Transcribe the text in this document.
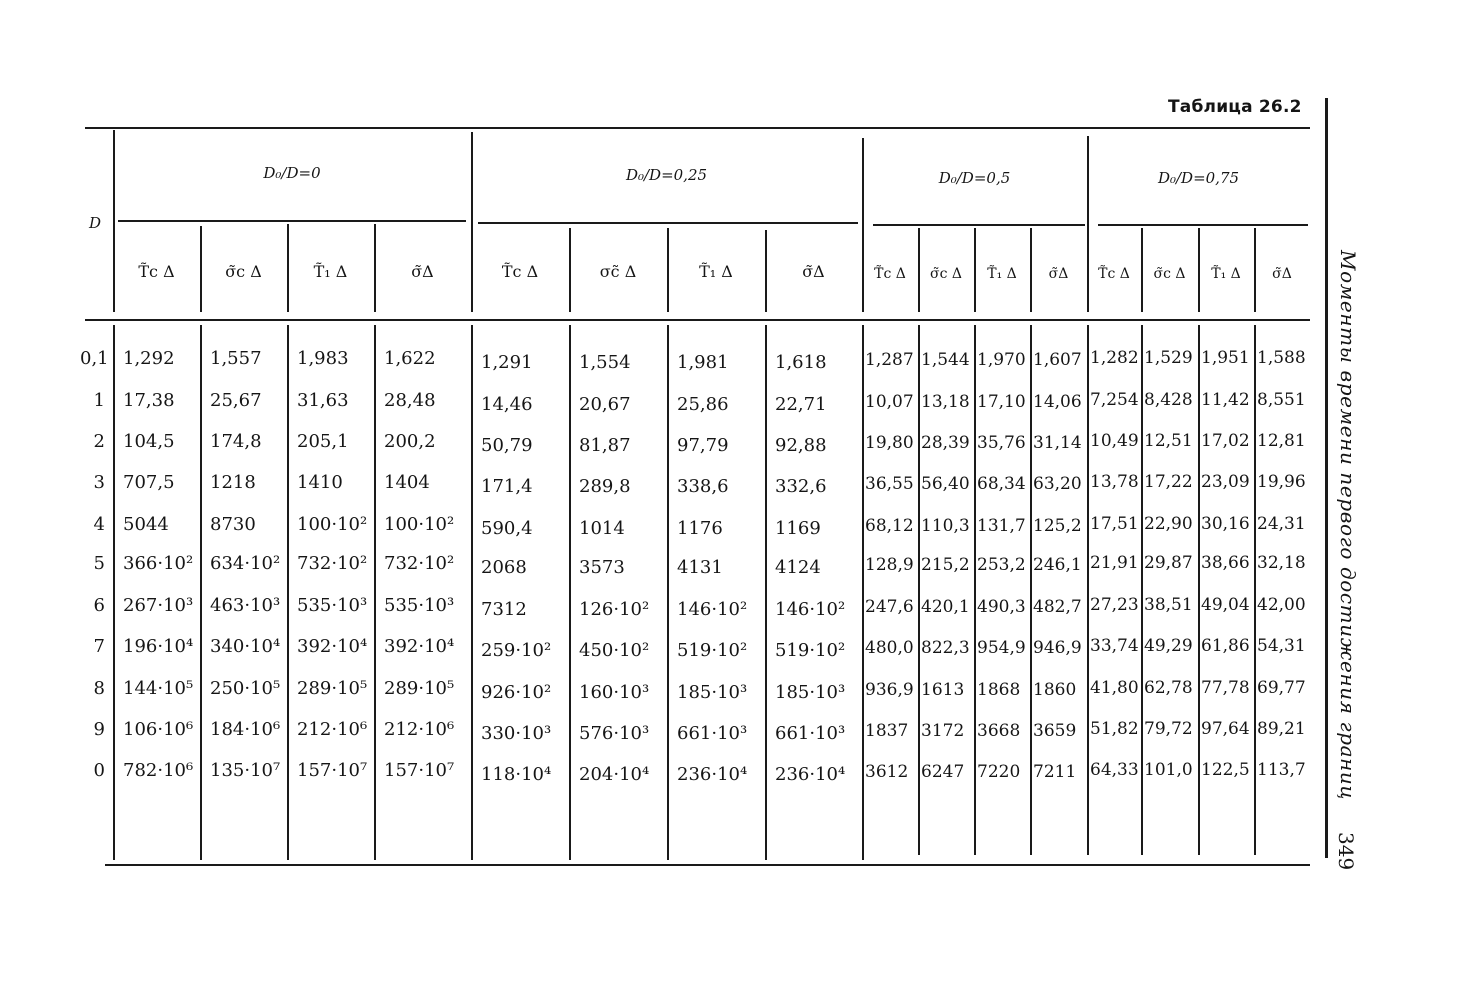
Таблица 26.2
Моменты времени первого достижения границ
349
D
D₀/D=0
T̃c Δ	σ̃c Δ	T̃₁ Δ	σ̃Δ
D₀/D=0,25
T̃c Δ	σc̃ Δ	T̃₁ Δ	σ̃Δ
D₀/D=0,5
T̃c Δ	σ̃c Δ	T̃₁ Δ	σ̃Δ
D₀/D=0,75
T̃c Δ	σ̃c Δ	T̃₁ Δ	σ̃Δ
0,1 1,292 1,557 1,983 1,622	1,291	1,554	1,981	1,618 1,287 1,544 1,970 1,607 1,282 1,529 1,951 1,588
1 17,38 25,67 31,63 28,48	14,46	20,67	25,86	22,71 10,07 13,18 17,10 14,06 7,254 8,428 11,42 8,551
2 104,5 174,8 205,1 200,2	50,79	81,87	97,79	92,88 19,80 28,39 35,76 31,14 10,49 12,51 17,02 12,81
3 707,5 1218 1410 1404	171,4	289,8	338,6	332,6 36,55 56,40 68,34 63,20 13,78 17,22 23,09 19,96
4 5044 8730 100·10² 100·10² 590,4	1014	1176	1169	68,12 110,3 131,7 125,2 17,51 22,90 30,16 24,31
5 366·10² 634·10² 732·10² 732·10² 2068	3573	4131	4124	128,9 215,2 253,2 246,1 21,91 29,87 38,66 32,18
6 267·10³ 463·10³ 535·10³ 535·10³ 7312	126·10² 146·10² 146·10² 247,6 420,1 490,3 482,7 27,23 38,51 49,04 42,00
7 196·10⁴ 340·10⁴ 392·10⁴ 392·10⁴ 259·10² 450·10² 519·10² 519·10² 480,0 822,3 954,9 946,9 33,74 49,29 61,86 54,31
8 144·10⁵ 250·10⁵ 289·10⁵ 289·10⁵ 926·10² 160·10³ 185·10³ 185·10³ 936,9 1613 1868 1860 41,80 62,78 77,78 69,77
9 106·10⁶ 184·10⁶ 212·10⁶ 212·10⁶ 330·10³ 576·10³ 661·10³ 661·10³ 1837 3172 3668 3659 51,82 79,72 97,64 89,21
0 782·10⁶ 135·10⁷ 157·10⁷ 157·10⁷ 118·10⁴ 204·10⁴ 236·10⁴ 236·10⁴ 3612 6247 7220 7211 64,33 101,0 122,5 113,7
